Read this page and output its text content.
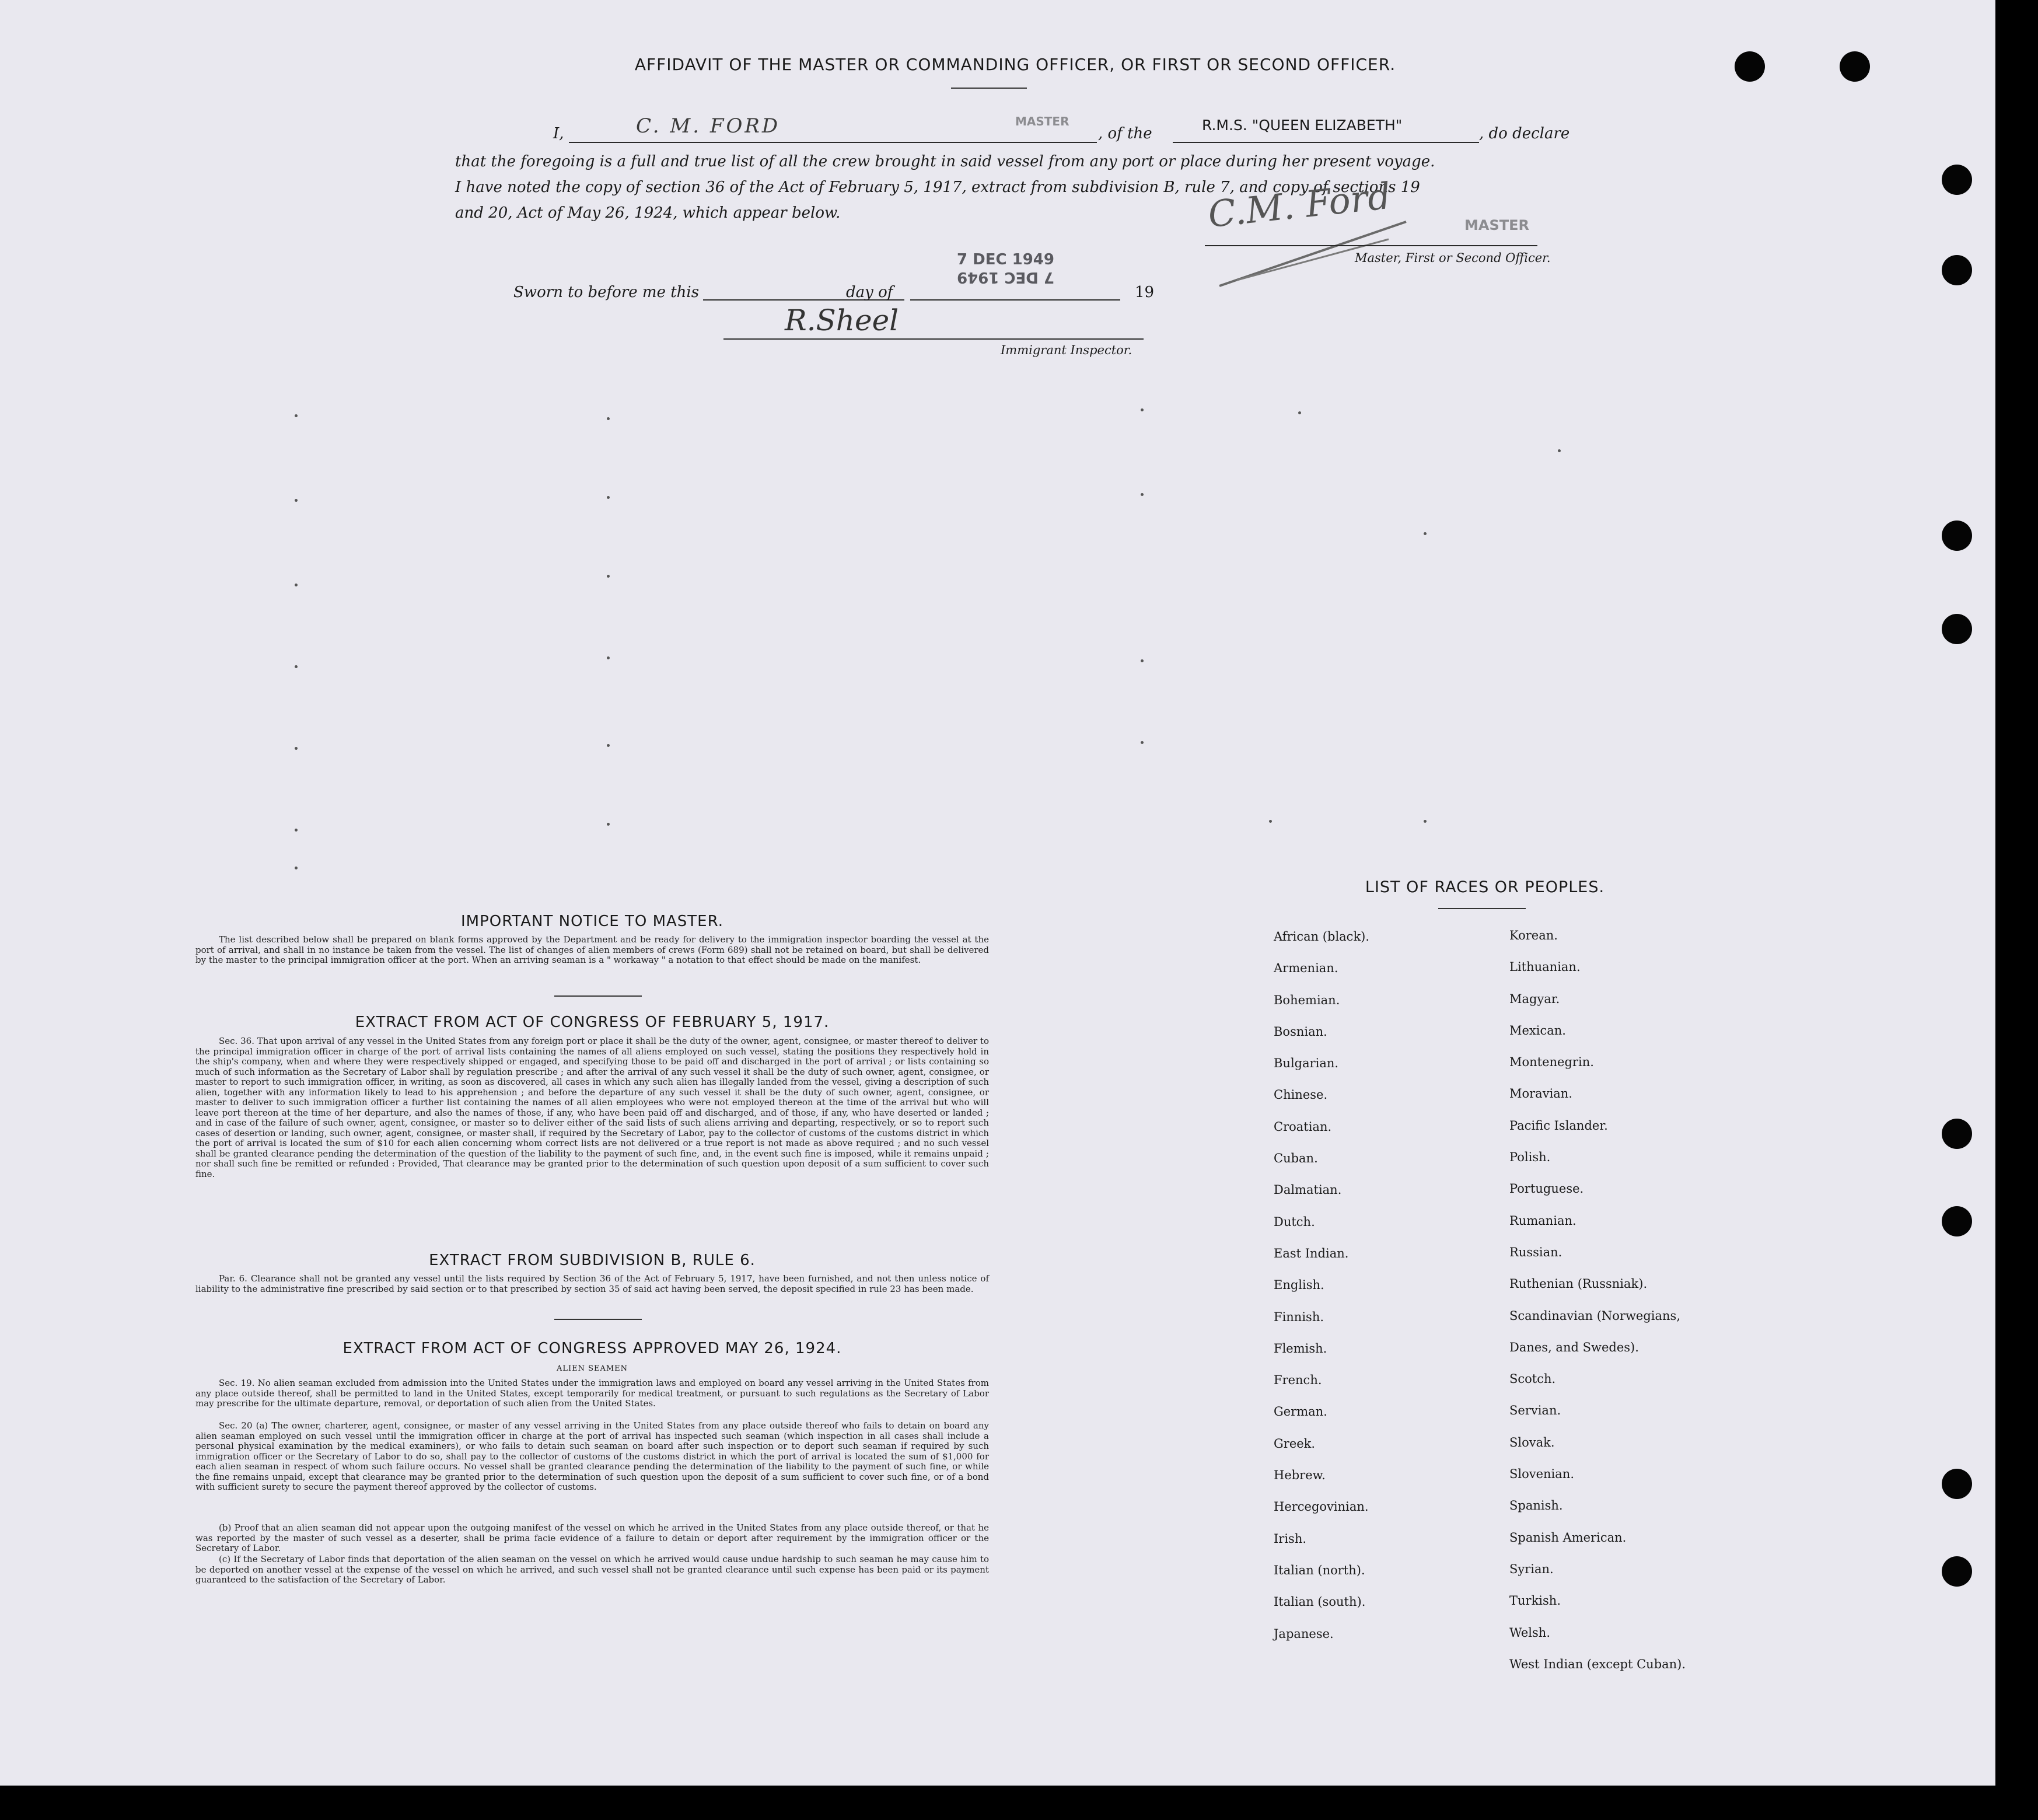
AFFIDAVIT OF THE MASTER OR COMMANDING OFFICER, OR FIRST OR SECOND OFFICER.
I,	C. M. FORD	MASTER
, of the	R.M.S. "QUEEN ELIZABETH"	, do declare
that the foregoing is a full and true list of all the crew brought in said vessel from any port or place during her present voyage.
I have noted the copy of section 36 of the Act of February 5, 1917, extract from subdivision B, rule 7, and copy of sections 19
and 20, Act of May 26, 1924, which appear below.	C.M. Ford	MASTER
Master, First or Second Officer.
Sworn to before me this	day of
7 DEC 1949
7 DEC 1949
19
R.Sheel
Immigrant Inspector.
IMPORTANT NOTICE TO MASTER.
The list described below shall be prepared on blank forms approved by the Department and be ready for delivery to the immigration inspector boarding the vessel at the port of arrival, and shall in no instance be taken from the vessel. The list of changes of alien members of crews (Form 689) shall not be retained on board, but shall be delivered by the master to the principal immigration officer at the port. When an arriving seaman is a " workaway " a notation to that effect should be made on the manifest.
EXTRACT FROM ACT OF CONGRESS OF FEBRUARY 5, 1917.
Sec. 36. That upon arrival of any vessel in the United States from any foreign port or place it shall be the duty of the owner, agent, consignee, or master thereof to deliver to the principal immigration officer in charge of the port of arrival lists containing the names of all aliens employed on such vessel, stating the positions they respectively hold in the ship's company, when and where they were respectively shipped or engaged, and specifying those to be paid off and discharged in the port of arrival ; or lists containing so much of such information as the Secretary of Labor shall by regulation prescribe ; and after the arrival of any such vessel it shall be the duty of such owner, agent, consignee, or master to report to such immigration officer, in writing, as soon as discovered, all cases in which any such alien has illegally landed from the vessel, giving a description of such alien, together with any information likely to lead to his apprehension ; and before the departure of any such vessel it shall be the duty of such owner, agent, consignee, or master to deliver to such immigration officer a further list containing the names of all alien employees who were not employed thereon at the time of the arrival but who will leave port thereon at the time of her departure, and also the names of those, if any, who have been paid off and discharged, and of those, if any, who have deserted or landed ; and in case of the failure of such owner, agent, consignee, or master so to deliver either of the said lists of such aliens arriving and departing, respectively, or so to report such cases of desertion or landing, such owner, agent, consignee, or master shall, if required by the Secretary of Labor, pay to the collector of customs of the customs district in which the port of arrival is located the sum of $10 for each alien concerning whom correct lists are not delivered or a true report is not made as above required ; and no such vessel shall be granted clearance pending the determination of the question of the liability to the payment of such fine, and, in the event such fine is imposed, while it remains unpaid ; nor shall such fine be remitted or refunded : Provided, That clearance may be granted prior to the determination of such question upon deposit of a sum sufficient to cover such fine.
EXTRACT FROM SUBDIVISION B, RULE 6.
Par. 6. Clearance shall not be granted any vessel until the lists required by Section 36 of the Act of February 5, 1917, have been furnished, and not then unless notice of liability to the administrative fine prescribed by said section or to that prescribed by section 35 of said act having been served, the deposit specified in rule 23 has been made.
EXTRACT FROM ACT OF CONGRESS APPROVED MAY 26, 1924.
ALIEN SEAMEN
Sec. 19. No alien seaman excluded from admission into the United States under the immigration laws and employed on board any vessel arriving in the United States from any place outside thereof, shall be permitted to land in the United States, except temporarily for medical treatment, or pursuant to such regulations as the Secretary of Labor may prescribe for the ultimate departure, removal, or deportation of such alien from the United States.
Sec. 20 (a) The owner, charterer, agent, consignee, or master of any vessel arriving in the United States from any place outside thereof who fails to detain on board any alien seaman employed on such vessel until the immigration officer in charge at the port of arrival has inspected such seaman (which inspection in all cases shall include a personal physical examination by the medical examiners), or who fails to detain such seaman on board after such inspection or to deport such seaman if required by such immigration officer or the Secretary of Labor to do so, shall pay to the collector of customs of the customs district in which the port of arrival is located the sum of $1,000 for each alien seaman in respect of whom such failure occurs. No vessel shall be granted clearance pending the determination of the liability to the payment of such fine, or while the fine remains unpaid, except that clearance may be granted prior to the determination of such question upon the deposit of a sum sufficient to cover such fine, or of a bond with sufficient surety to secure the payment thereof approved by the collector of customs.
(b) Proof that an alien seaman did not appear upon the outgoing manifest of the vessel on which he arrived in the United States from any place outside thereof, or that he was reported by the master of such vessel as a deserter, shall be prima facie evidence of a failure to detain or deport after requirement by the immigration officer or the Secretary of Labor.
(c) If the Secretary of Labor finds that deportation of the alien seaman on the vessel on which he arrived would cause undue hardship to such seaman he may cause him to be deported on another vessel at the expense of the vessel on which he arrived, and such vessel shall not be granted clearance until such expense has been paid or its payment guaranteed to the satisfaction of the Secretary of Labor.
LIST OF RACES OR PEOPLES.
African (black).
Armenian.
Bohemian.
Bosnian.
Bulgarian.
Chinese.
Croatian.
Cuban.
Dalmatian.
Dutch.
East Indian.
English.
Finnish.
Flemish.
French.
German.
Greek.
Hebrew.
Hercegovinian.
Irish.
Italian (north).
Italian (south).
Japanese.
Korean.
Lithuanian.
Magyar.
Mexican.
Montenegrin.
Moravian.
Pacific Islander.
Polish.
Portuguese.
Rumanian.
Russian.
Ruthenian (Russniak).
Scandinavian (Norwegians,
Danes, and Swedes).
Scotch.
Servian.
Slovak.
Slovenian.
Spanish.
Spanish American.
Syrian.
Turkish.
Welsh.
West Indian (except Cuban).
